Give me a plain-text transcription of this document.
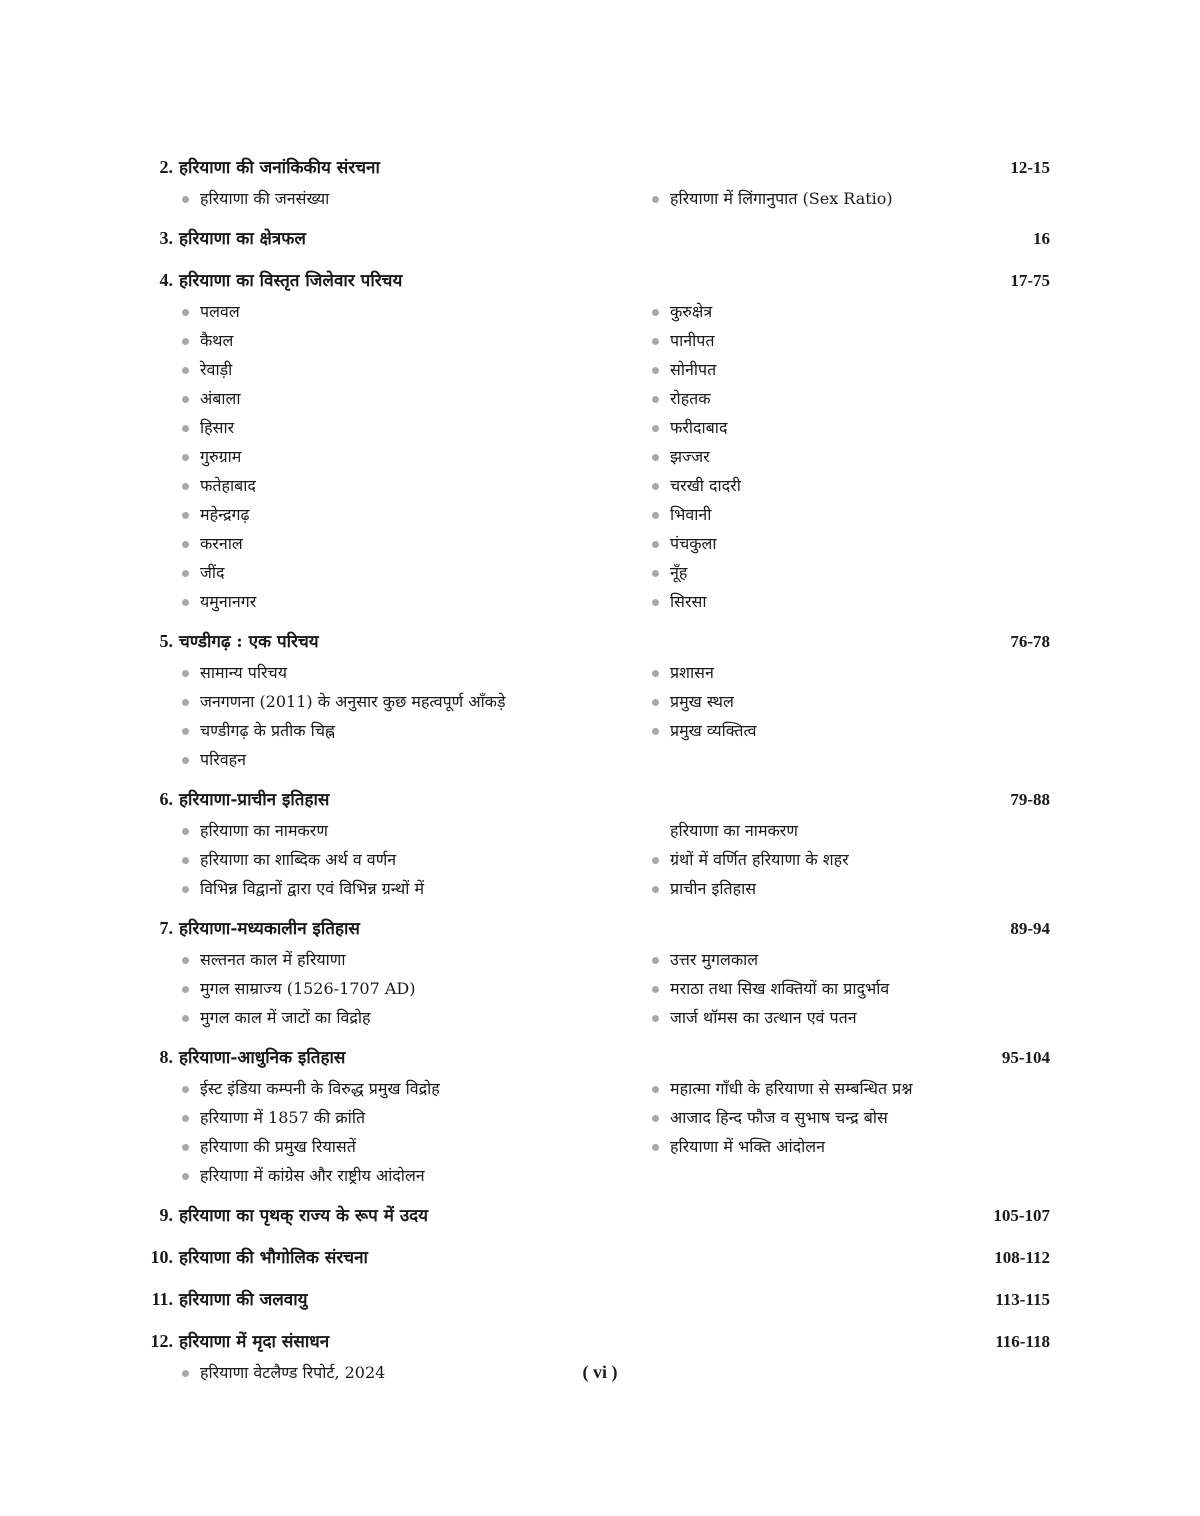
2. हरियाणा की जनांकिकीय संरचना	12-15
हरियाणा की जनसंख्या	हरियाणा में लिंगानुपात (Sex Ratio)
3. हरियाणा का क्षेत्रफल	16
4. हरियाणा का विस्तृत जिलेवार परिचय	17-75
पलवल	कुरुक्षेत्र
कैथल	पानीपत
रेवाड़ी	सोनीपत
अंबाला	रोहतक
हिसार	फरीदाबाद
गुरुग्राम	झज्जर
फतेहाबाद	चरखी दादरी
महेन्द्रगढ़	भिवानी
करनाल	पंचकुला
जींद	नूँह
यमुनानगर	सिरसा
5. चण्डीगढ़ : एक परिचय	76-78
सामान्य परिचय	प्रशासन
जनगणना (2011) के अनुसार कुछ महत्वपूर्ण आँकड़े	प्रमुख स्थल
चण्डीगढ़ के प्रतीक चिह्न	प्रमुख व्यक्तित्व
परिवहन
6. हरियाणा-प्राचीन इतिहास	79-88
हरियाणा का नामकरण	हरियाणा का नामकरण
हरियाणा का शाब्दिक अर्थ व वर्णन	ग्रंथों में वर्णित हरियाणा के शहर
विभिन्न विद्वानों द्वारा एवं विभिन्न ग्रन्थों में	प्राचीन इतिहास
7. हरियाणा-मध्यकालीन इतिहास	89-94
सल्तनत काल में हरियाणा	उत्तर मुगलकाल
मुगल साम्राज्य (1526-1707 AD)	मराठा तथा सिख शक्तियों का प्रादुर्भाव
मुगल काल में जाटों का विद्रोह	जार्ज थॉमस का उत्थान एवं पतन
8. हरियाणा-आधुनिक इतिहास	95-104
ईस्ट इंडिया कम्पनी के विरुद्ध प्रमुख विद्रोह	महात्मा गाँधी के हरियाणा से सम्बन्धित प्रश्न
हरियाणा में 1857 की क्रांति	आजाद हिन्द फौज व सुभाष चन्द्र बोस
हरियाणा की प्रमुख रियासतें	हरियाणा में भक्ति आंदोलन
हरियाणा में कांग्रेस और राष्ट्रीय आंदोलन
9. हरियाणा का पृथक् राज्य के रूप में उदय	105-107
10. हरियाणा की भौगोलिक संरचना	108-112
11. हरियाणा की जलवायु	113-115
12. हरियाणा में मृदा संसाधन	116-118
हरियाणा वेटलैण्ड रिपोर्ट, 2024	( vi )
